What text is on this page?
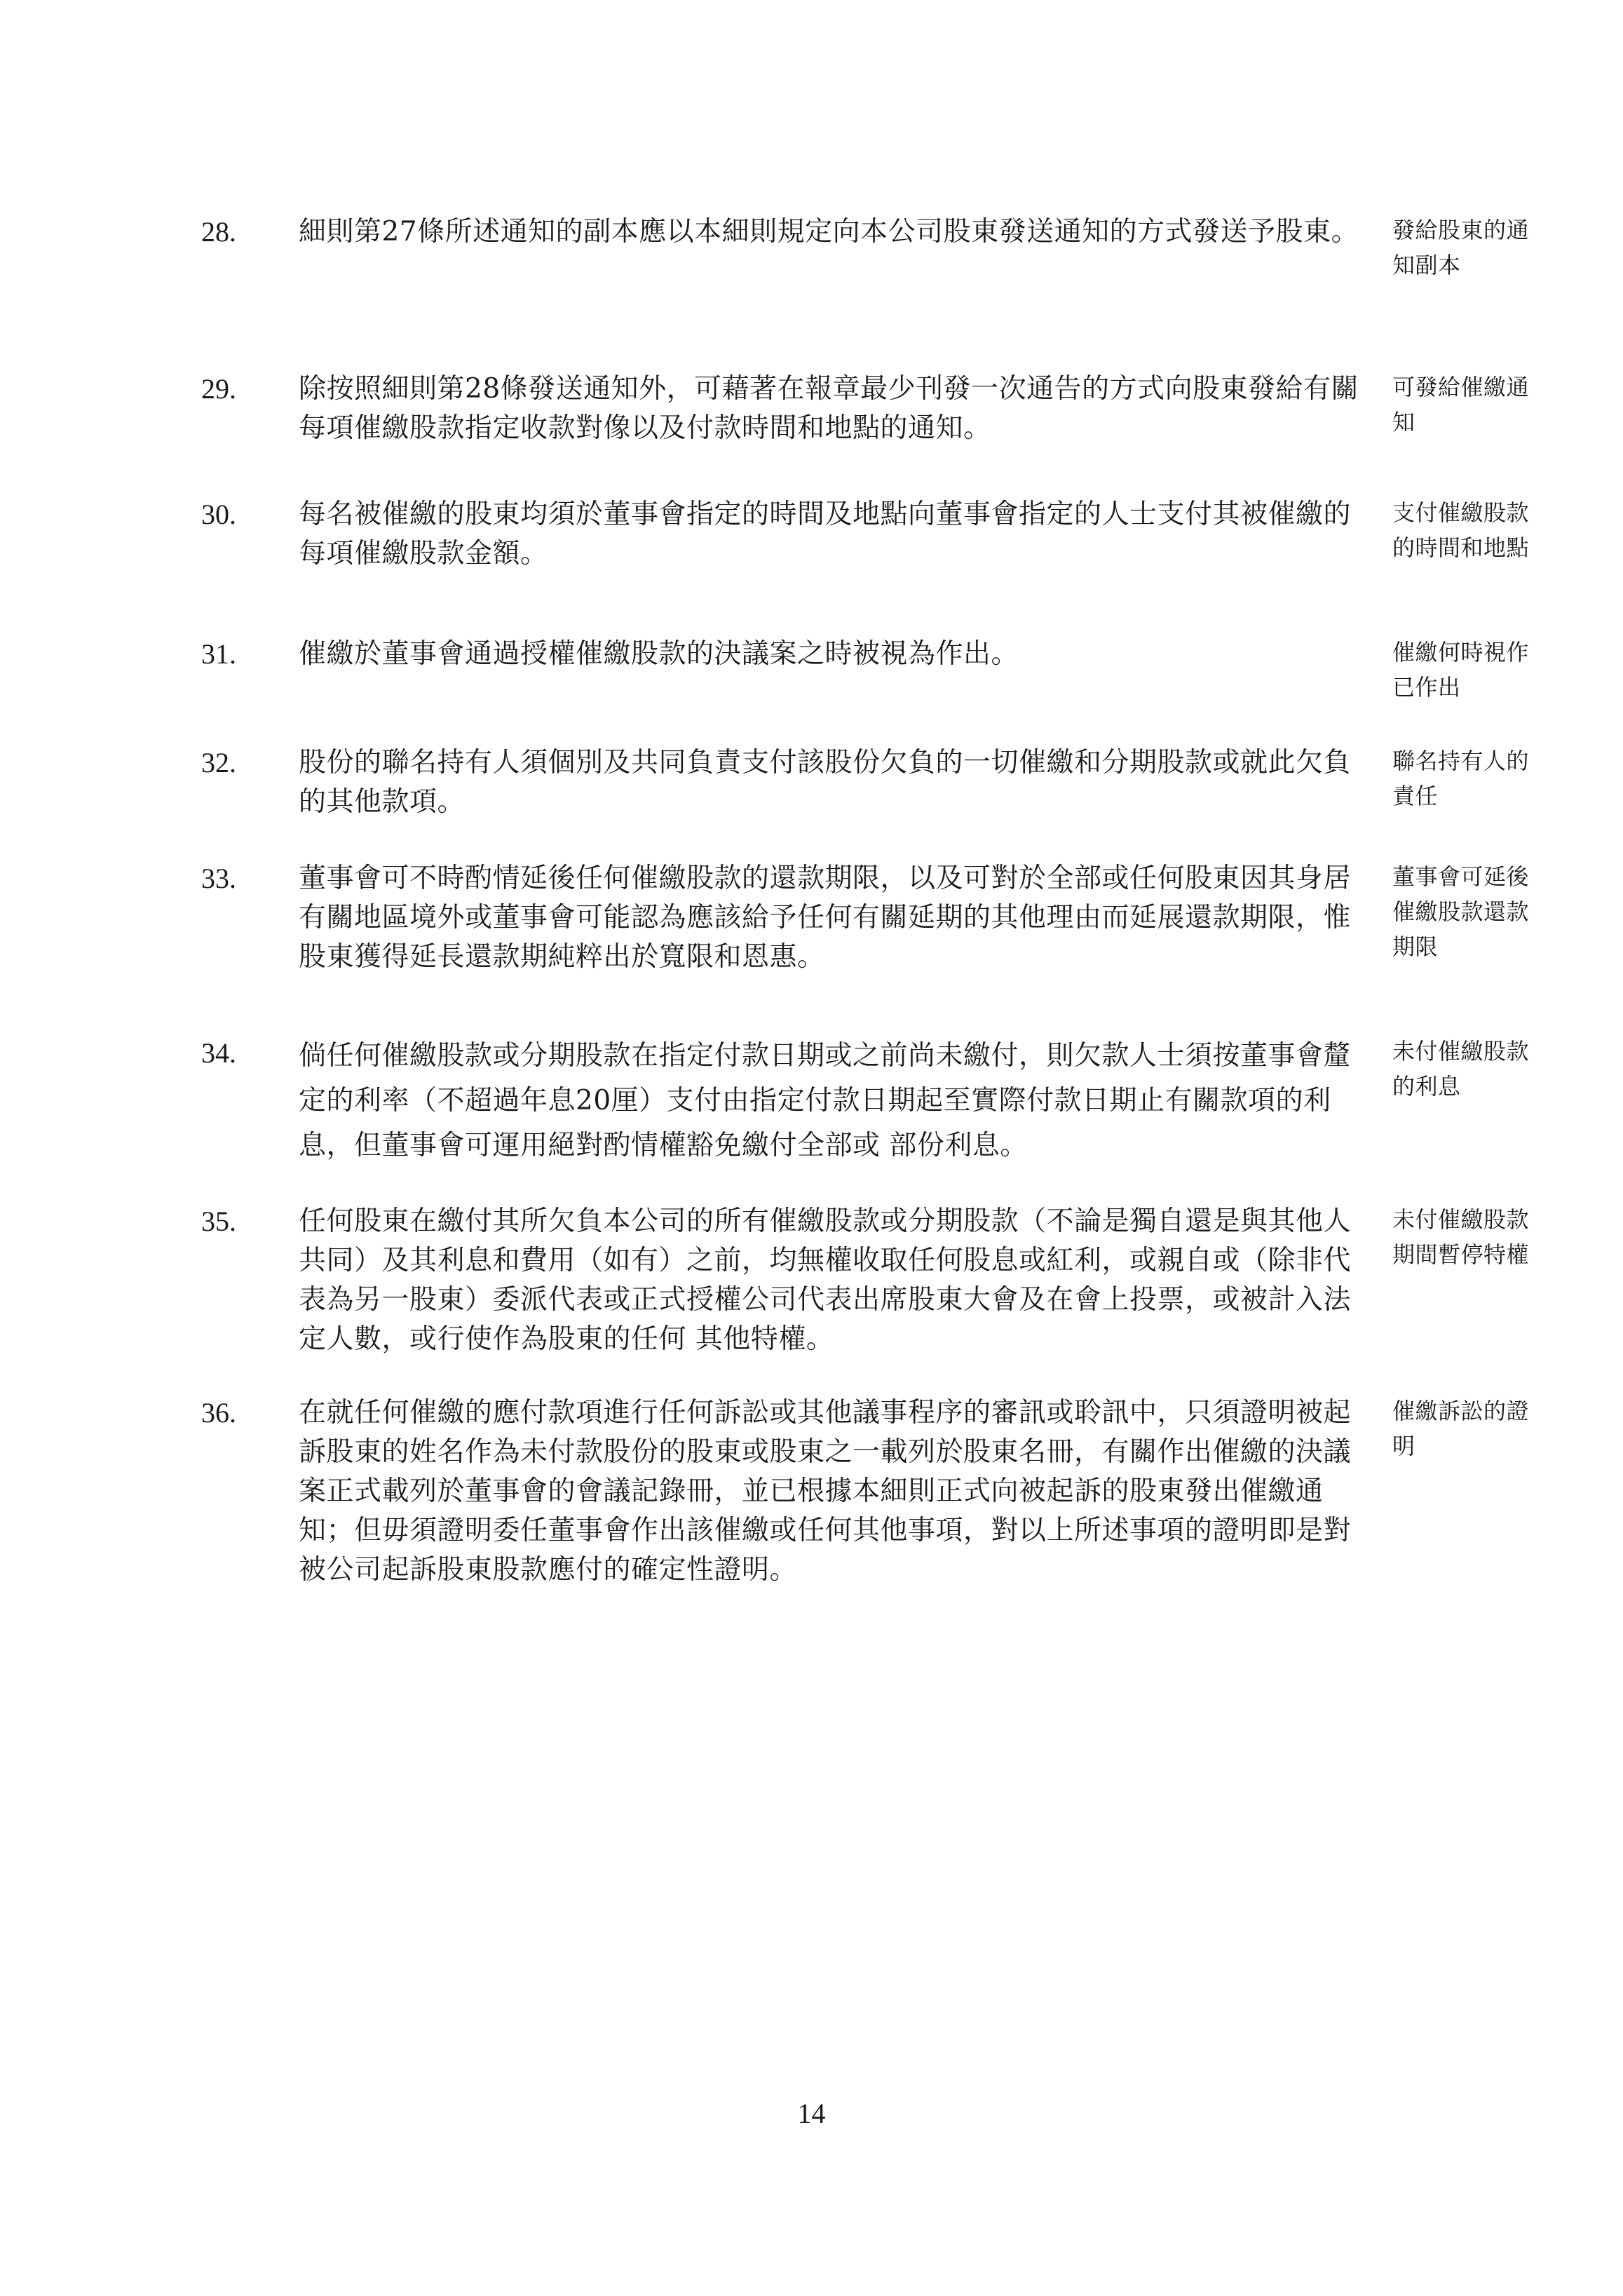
28. 細則第27條所述通知的副本應以本細則規定向本公司股東發送通知的方式發送予股東。 發給股東的通知副本
29. 除按照細則第28條發送通知外，可藉著在報章最少刊發一次通告的方式向股東發給有關每項催繳股款指定收款對像以及付款時間和地點的通知。
可發給催繳通知
30. 每名被催繳的股東均須於董事會指定的時間及地點向董事會指定的人士支付其被催繳的每項催繳股款金額。
支付催繳股款的時間和地點
31. 催繳於董事會通過授權催繳股款的決議案之時被視為作出。	催繳何時視作已作出
32. 股份的聯名持有人須個別及共同負責支付該股份欠負的一切催繳和分期股款或就此欠負的其他款項。
聯名持有人的責任
33. 董事會可不時酌情延後任何催繳股款的還款期限，以及可對於全部或任何股東因其身居有關地區境外或董事會可能認為應該給予任何有關延期的其他理由而延展還款期限，惟股東獲得延長還款期純粹出於寬限和恩惠。
董事會可延後 催繳股款還款 期限
34. 倘任何催繳股款或分期股款在指定付款日期或之前尚未繳付，則欠款人士須按董事會釐定的利率（不超過年息20厘）支付由指定付款日期起至實際付款日期止有關款項的利息，但董事會可運用絕對酌情權豁免繳付全部或 部份利息。
未付催繳股款的利息
35. 任何股東在繳付其所欠負本公司的所有催繳股款或分期股款（不論是獨自還是與其他人共同）及其利息和費用（如有）之前，均無權收取任何股息或紅利，或親自或（除非代表為另一股東）委派代表或正式授權公司代表出席股東大會及在會上投票，或被計入法定人數，或行使作為股東的任何 其他特權。
未付催繳股款期間暫停特權
36. 在就任何催繳的應付款項進行任何訴訟或其他議事程序的審訊或聆訊中，只須證明被起訴股東的姓名作為未付款股份的股東或股東之一載列於股東名冊，有關作出催繳的決議案正式載列於董事會的會議記錄冊，並已根據本細則正式向被起訴的股東發出催繳通知；但毋須證明委任董事會作出該催繳或任何其他事項，對以上所述事項的證明即是對被公司起訴股東股款應付的確定性證明。
催繳訴訟的證明
14
